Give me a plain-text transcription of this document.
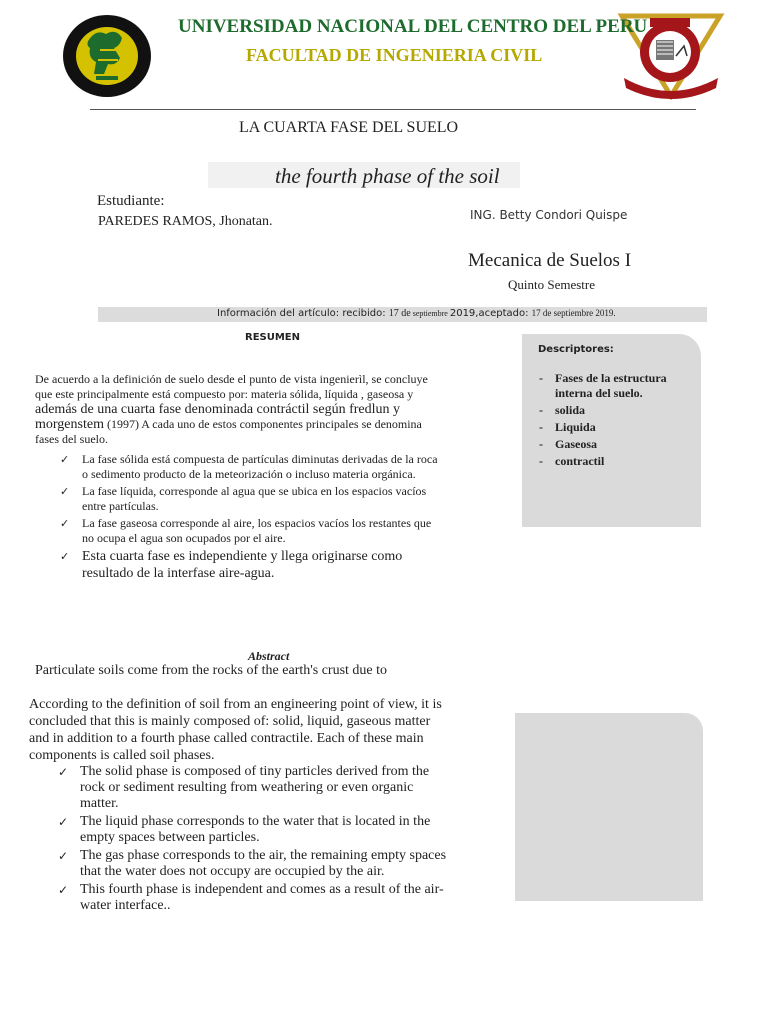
UNIVERSIDAD NACIONAL DEL CENTRO DEL PERU
FACULTAD DE INGENIERIA CIVIL
LA CUARTA FASE DEL SUELO
the fourth phase of the soil
Estudiante:
PAREDES RAMOS, Jhonatan.	ING. Betty Condori Quispe
Mecanica de Suelos I
Quinto Semestre
Información del artículo: recibido: 17 de septiembre 2019,aceptado: 17 de septiembre 2019.
RESUMEN
Descriptores:
- Fases de la estructura interna del suelo.
- solida
- Liquida
- Gaseosa
- contractil
De acuerdo a la definición de suelo desde el punto de vista ingenierìl, se concluye que este principalmente está compuesto por: materia sólida, líquida , gaseosa y además de una cuarta fase denominada contráctil según fredlun y morgenstem (1997) A cada uno de estos componentes principales se denomina fases del suelo.
✓ La fase sólida está compuesta de partículas diminutas derivadas de la roca o sedimento producto de la meteorización o incluso materia orgánica.
✓ La fase líquida, corresponde al agua que se ubica en los espacios vacíos entre partículas.
✓ La fase gaseosa corresponde al aire, los espacios vacíos los restantes que no ocupa el agua son ocupados por el aire.
✓ Esta cuarta fase es independiente y llega originarse como resultado de la interfase aire-agua.
Abstract
Particulate soils come from the rocks of the earth's crust due to
According to the definition of soil from an engineering point of view, it is concluded that this is mainly composed of: solid, liquid, gaseous matter and in addition to a fourth phase called contractile. Each of these main components is called soil phases.
✓ The solid phase is composed of tiny particles derived from the rock or sediment resulting from weathering or even organic matter.
✓ The liquid phase corresponds to the water that is located in the empty spaces between particles.
✓ The gas phase corresponds to the air, the remaining empty spaces that the water does not occupy are occupied by the air.
✓ This fourth phase is independent and comes as a result of the air-water interface..
